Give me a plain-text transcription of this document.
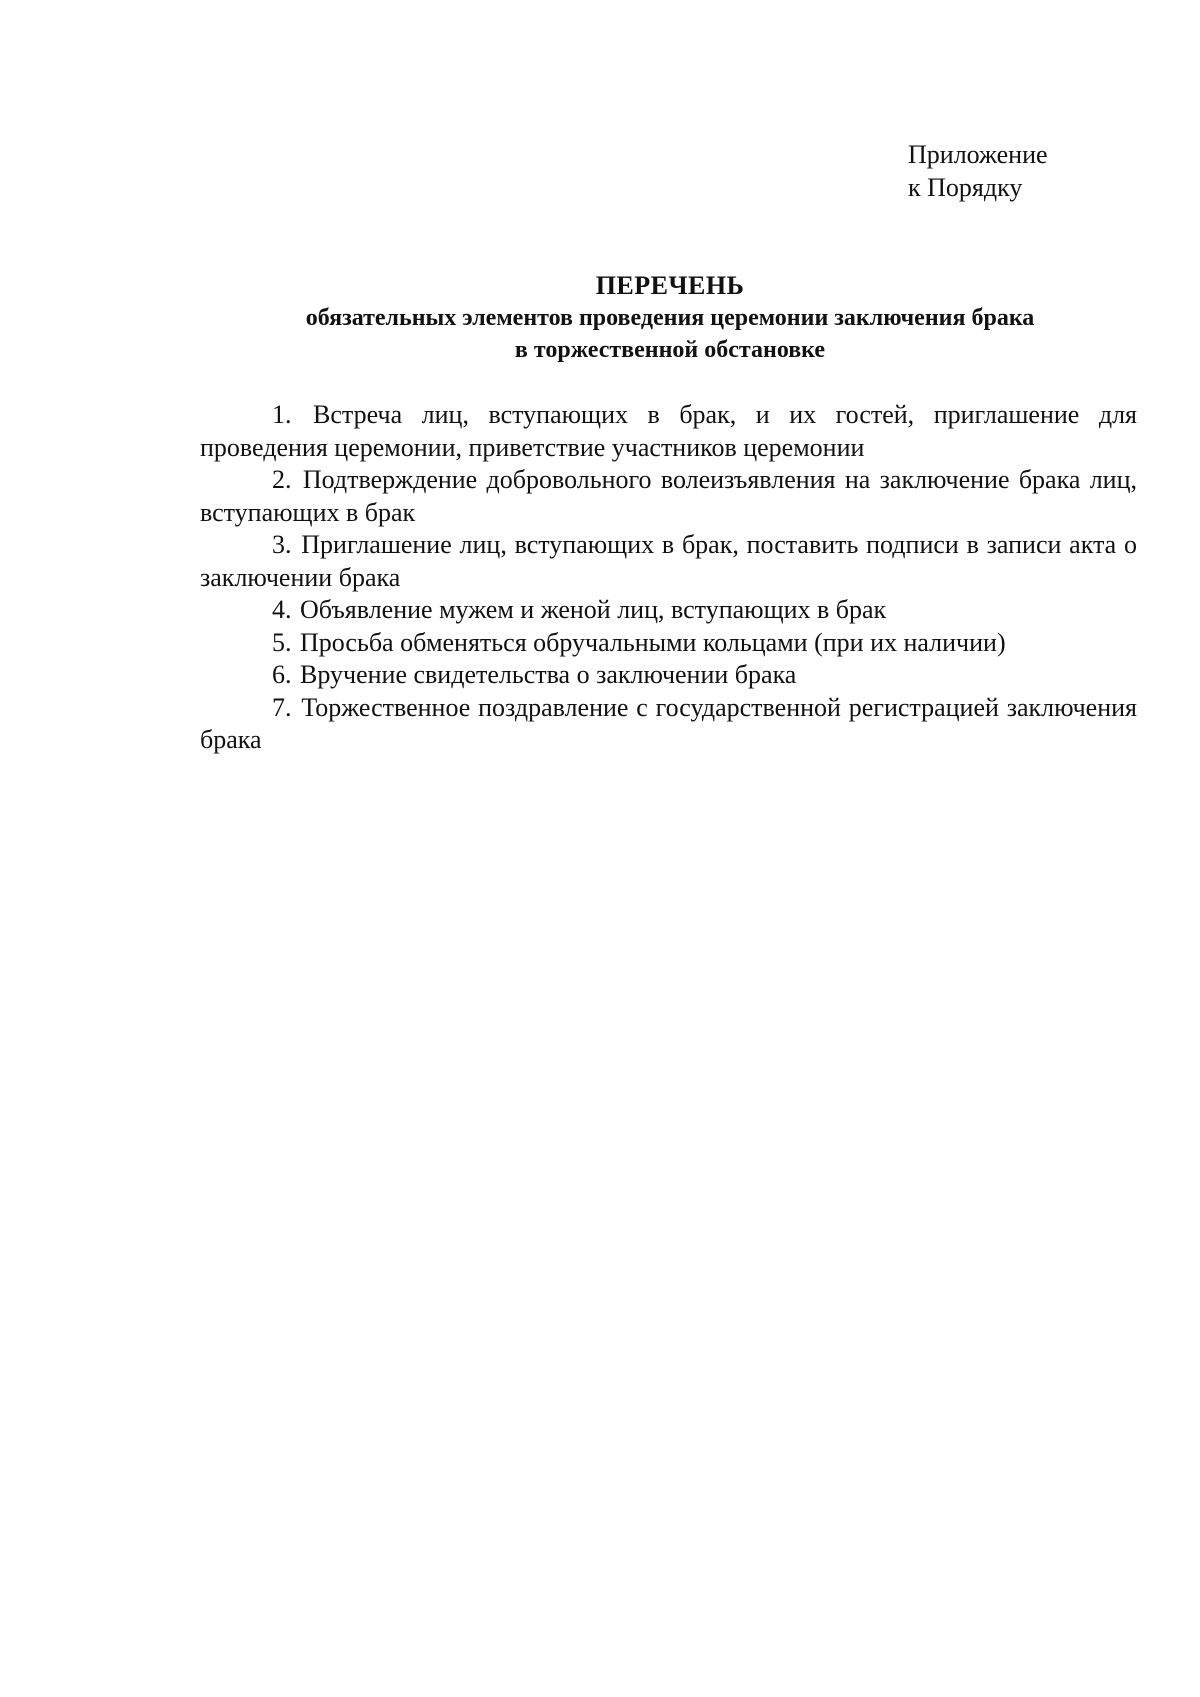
Приложение
к Порядку
ПЕРЕЧЕНЬ
обязательных элементов проведения церемонии заключения брака
в торжественной обстановке

1. Встреча лиц, вступающих в брак, и их гостей, приглашение для проведения церемонии, приветствие участников церемонии

2. Подтверждение добровольного волеизъявления на заключение брака лиц, вступающих в брак

3. Приглашение лиц, вступающих в брак, поставить подписи в записи акта о заключении брака

4. Объявление мужем и женой лиц, вступающих в брак

5. Просьба обменяться обручальными кольцами (при их наличии)

6. Вручение свидетельства о заключении брака

7. Торжественное поздравление с государственной регистрацией заключения брака
